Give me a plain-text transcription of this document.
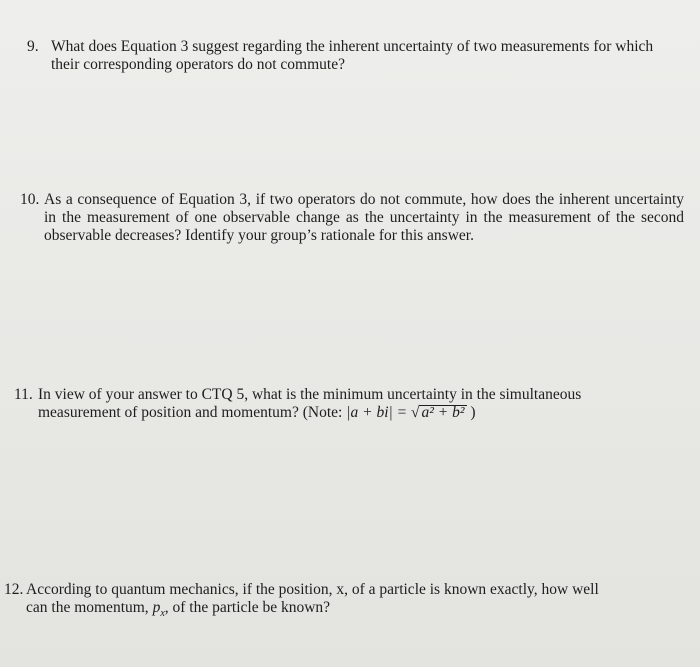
9. What does Equation 3 suggest regarding the inherent uncertainty of two measurements for which their corresponding operators do not commute?
10. As a consequence of Equation 3, if two operators do not commute, how does the inherent uncertainty in the measurement of one observable change as the uncertainty in the measurement of the second observable decreases? Identify your group’s rationale for this answer.
11. In view of your answer to CTQ 5, what is the minimum uncertainty in the simultaneous
measurement of position and momentum? (Note: |a + bi| = √ a² + b² )
12. According to quantum mechanics, if the position, x, of a particle is known exactly, how well
can the momentum, $p_x$, of the particle be known?
